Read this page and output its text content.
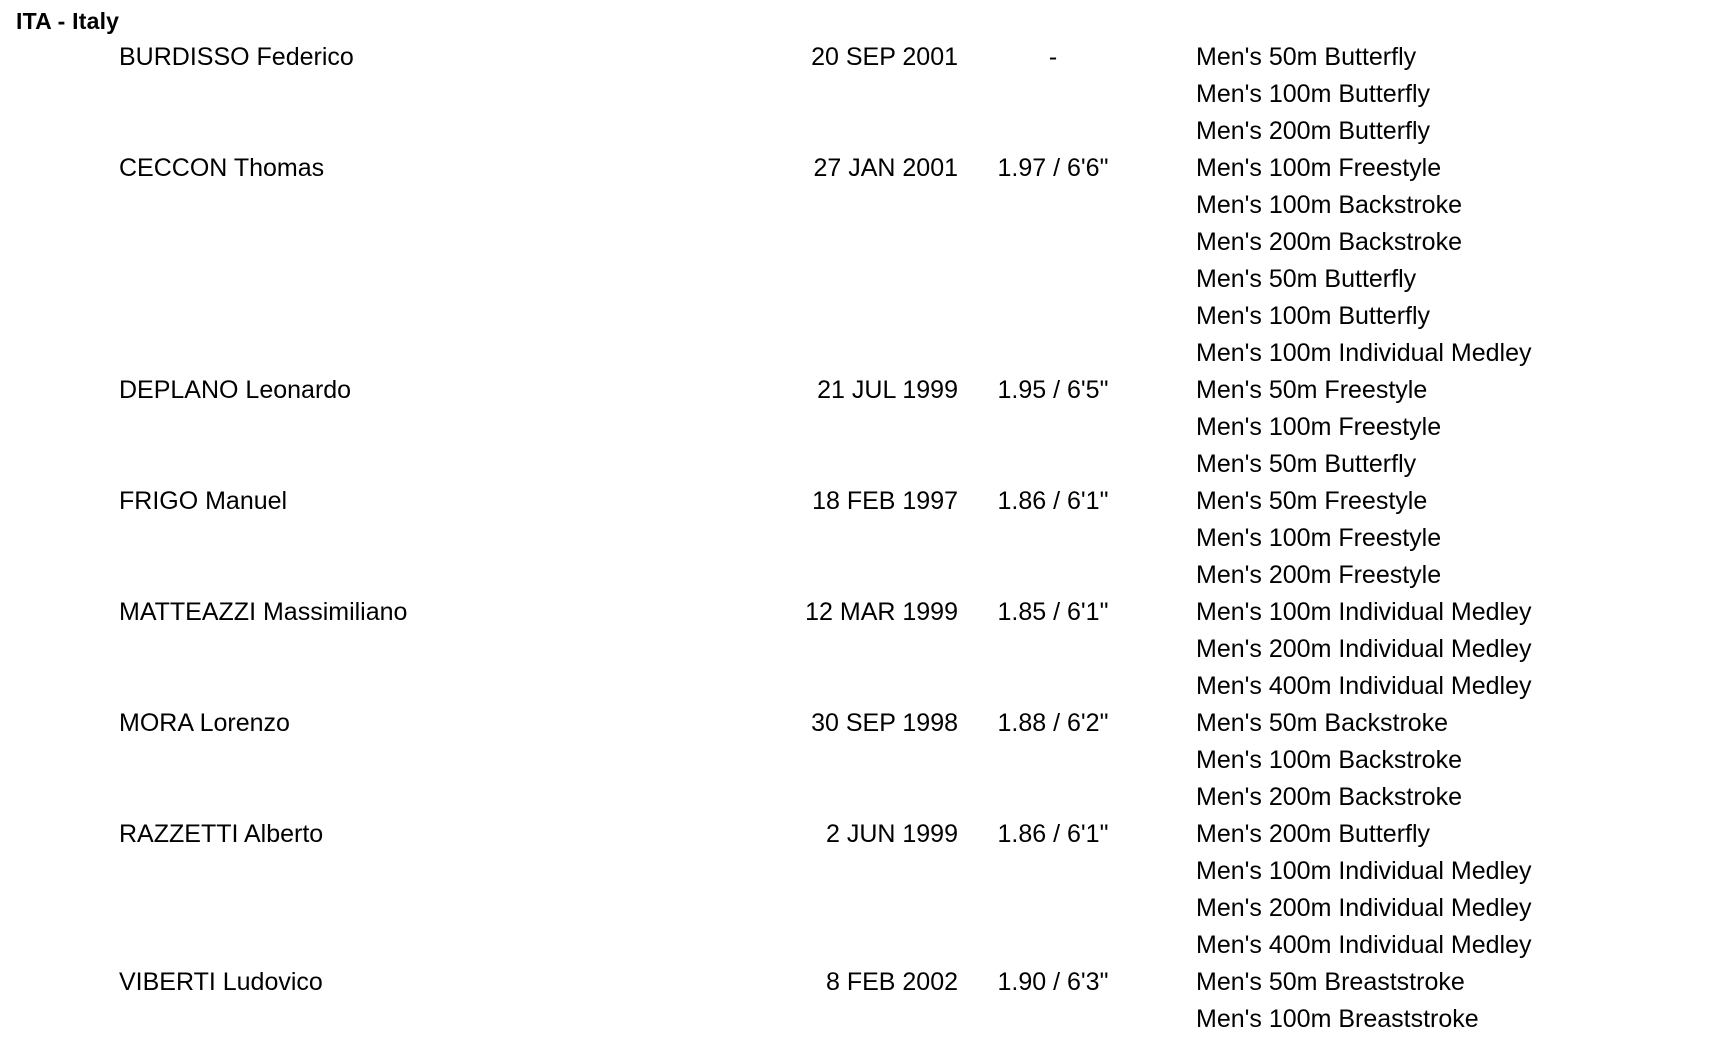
ITA - Italy
BURDISSO Federico	20 SEP 2001	-	Men's 50m Butterfly
Men's 100m Butterfly
Men's 200m Butterfly

CECCON Thomas	27 JAN 2001	1.97 / 6'6"	Men's 100m Freestyle
Men's 100m Backstroke
Men's 200m Backstroke
Men's 50m Butterfly
Men's 100m Butterfly
Men's 100m Individual Medley

DEPLANO Leonardo	21 JUL 1999	1.95 / 6'5"	Men's 50m Freestyle
Men's 100m Freestyle
Men's 50m Butterfly

FRIGO Manuel	18 FEB 1997	1.86 / 6'1"	Men's 50m Freestyle
Men's 100m Freestyle
Men's 200m Freestyle

MATTEAZZI Massimiliano	12 MAR 1999	1.85 / 6'1"	Men's 100m Individual Medley
Men's 200m Individual Medley
Men's 400m Individual Medley

MORA Lorenzo	30 SEP 1998	1.88 / 6'2"	Men's 50m Backstroke
Men's 100m Backstroke
Men's 200m Backstroke

RAZZETTI Alberto	2 JUN 1999	1.86 / 6'1"	Men's 200m Butterfly
Men's 100m Individual Medley
Men's 200m Individual Medley
Men's 400m Individual Medley

VIBERTI Ludovico	8 FEB 2002	1.90 / 6'3"	Men's 50m Breaststroke
Men's 100m Breaststroke
